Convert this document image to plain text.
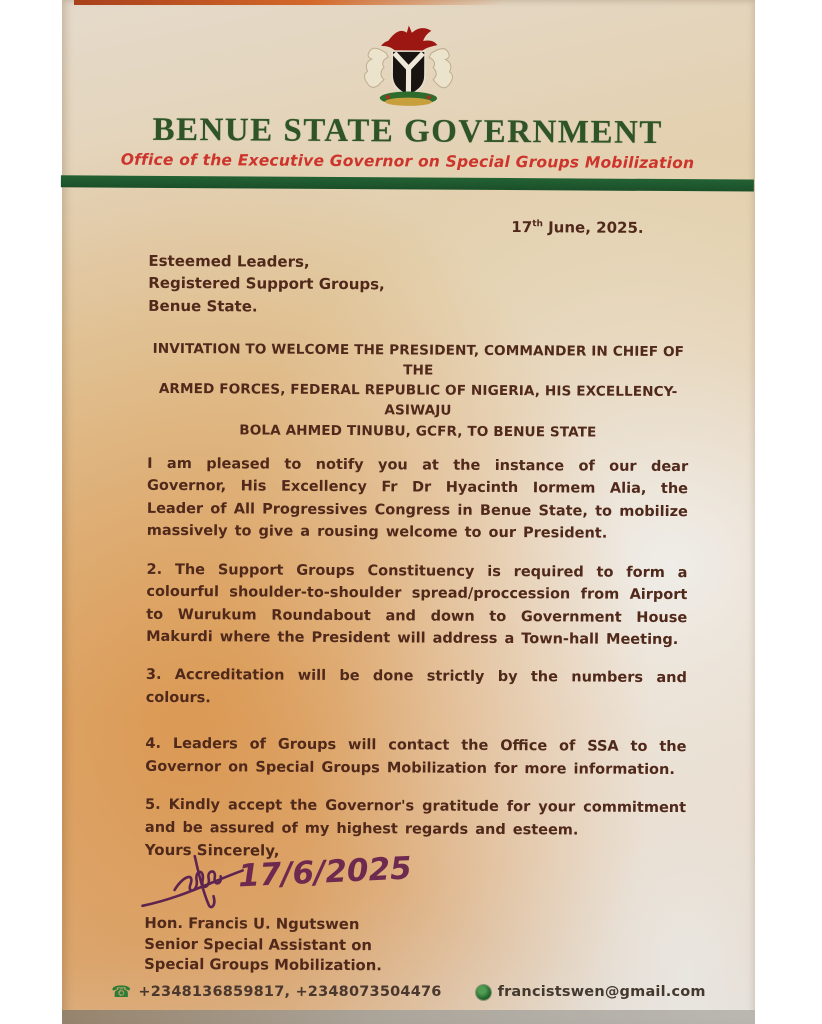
BENUE STATE GOVERNMENT
Office of the Executive Governor on Special Groups Mobilization
17th June, 2025.
Esteemed Leaders,
Registered Support Groups,
Benue State.
INVITATION TO WELCOME THE PRESIDENT, COMMANDER IN CHIEF OF THE
ARMED FORCES, FEDERAL REPUBLIC OF NIGERIA, HIS EXCELLENCY- ASIWAJU
BOLA AHMED TINUBU, GCFR, TO BENUE STATE

I am pleased to notify you at the instance of our dear Governor, His Excellency Fr Dr Hyacinth Iormem Alia, the Leader of All Progressives Congress in Benue State, to mobilize massively to give a rousing welcome to our President.

2. The Support Groups Constituency is required to form a colourful shoulder-to-shoulder spread/proccession from Airport to Wurukum Roundabout and down to Government House Makurdi where the President will address a Town-hall Meeting.

3. Accreditation will be done strictly by the numbers and colours.

4. Leaders of Groups will contact the Office of SSA to the Governor on Special Groups Mobilization for more information.

5. Kindly accept the Governor's gratitude for your commitment and be assured of my highest regards and esteem.

Yours Sincerely,
17/6/2025
Hon. Francis U. Ngutswen
Senior Special Assistant on
Special Groups Mobilization.
☎ +2348136859817, +2348073504476	francistswen@gmail.com
